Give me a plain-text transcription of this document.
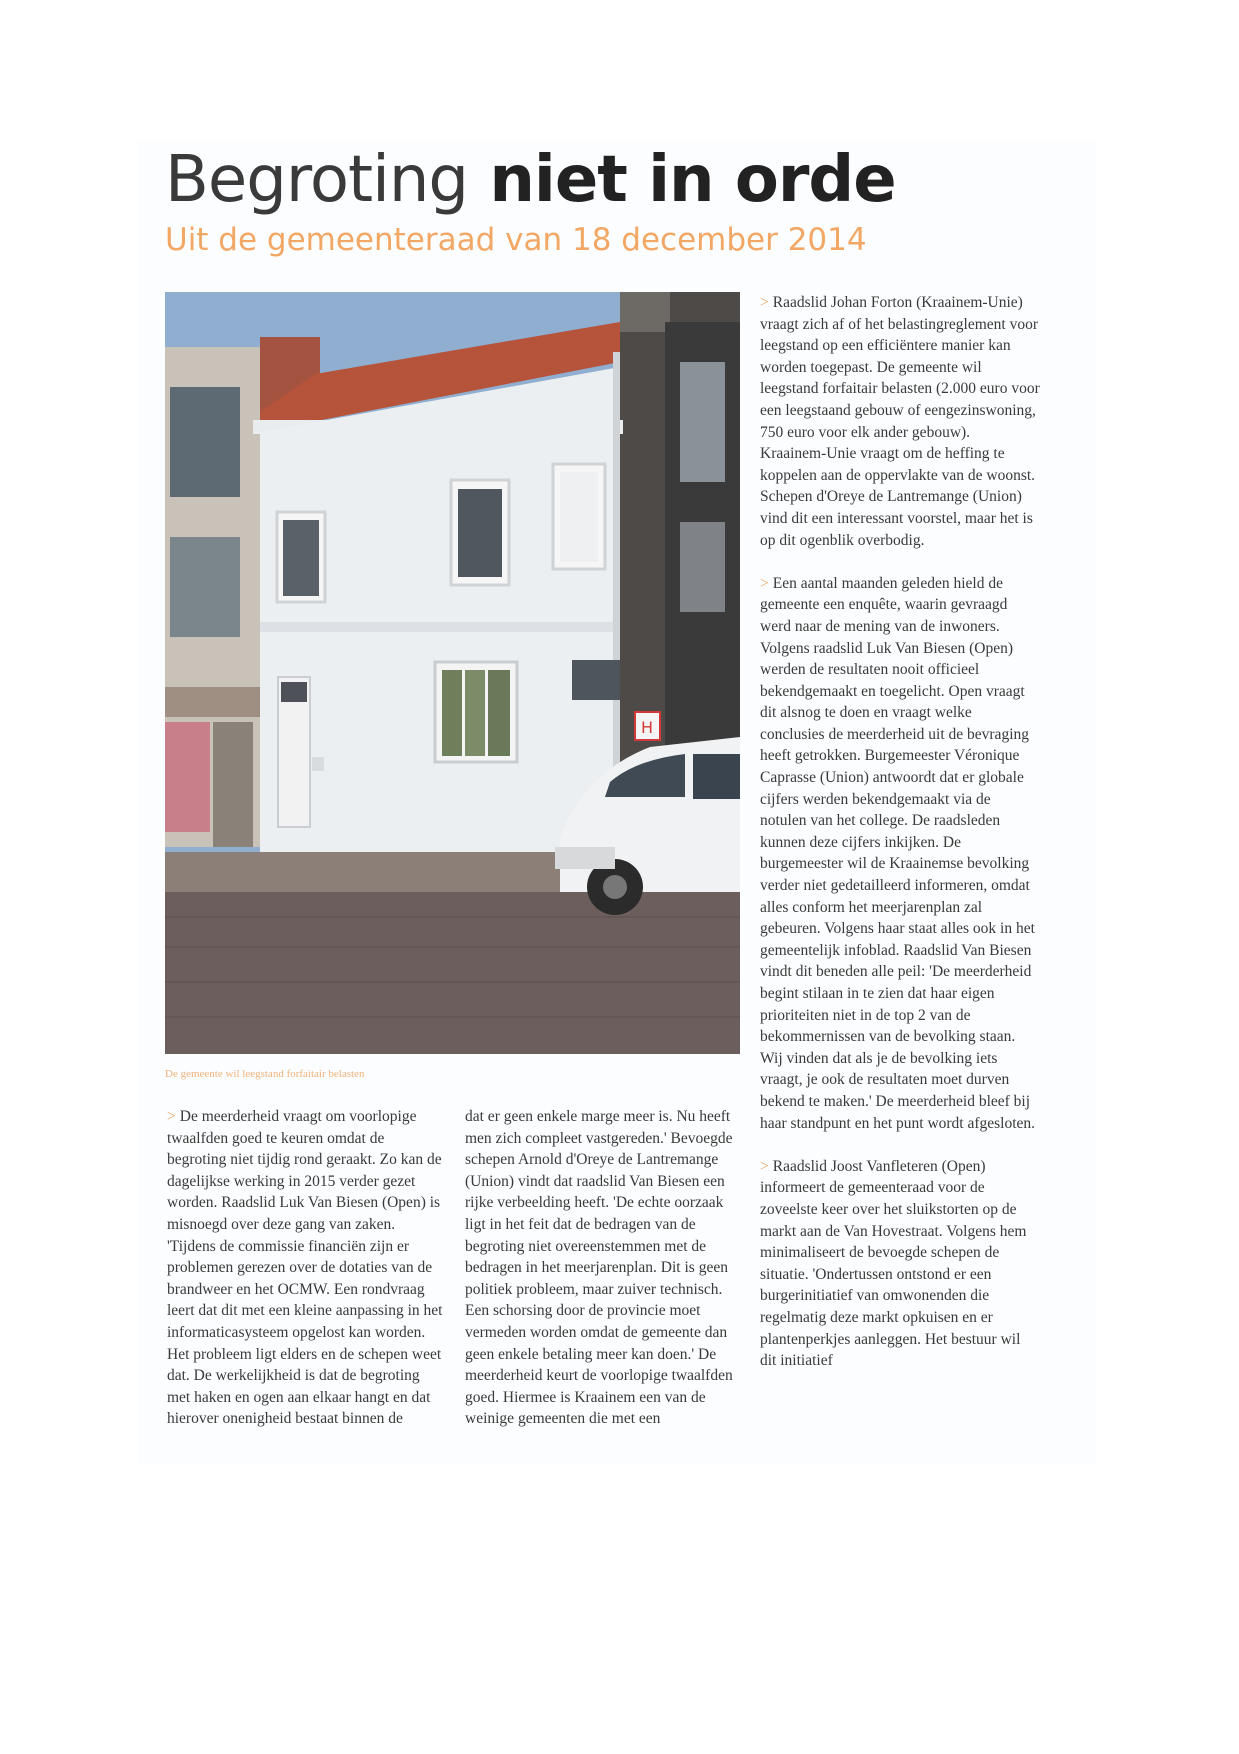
Begroting niet in orde
Uit de gemeenteraad van 18 december 2014
H
De gemeente wil leegstand forfaitair belasten

> De meerderheid vraagt om voorlopige twaalfden goed te keuren omdat de begroting niet tijdig rond geraakt. Zo kan de dagelijkse werking in 2015 verder gezet worden. Raadslid Luk Van Biesen (Open) is misnoegd over deze gang van zaken. 'Tijdens de commissie financiën zijn er problemen gerezen over de dotaties van de brandweer en het OCMW. Een rondvraag leert dat dit met een kleine aanpassing in het informaticasysteem opgelost kan worden. Het probleem ligt elders en de schepen weet dat. De werkelijkheid is dat de begroting met haken en ogen aan elkaar hangt en dat hierover onenigheid bestaat binnen de

dat er geen enkele marge meer is. Nu heeft men zich compleet vastgereden.' Bevoegde schepen Arnold d'Oreye de Lantremange (Union) vindt dat raadslid Van Biesen een rijke verbeelding heeft. 'De echte oorzaak ligt in het feit dat de bedragen van de begroting niet overeenstemmen met de bedragen in het meerjarenplan. Dit is geen politiek probleem, maar zuiver technisch. Een schorsing door de provincie moet vermeden worden omdat de gemeente dan geen enkele betaling meer kan doen.' De meerderheid keurt de voorlopige twaalfden goed. Hiermee is Kraainem een van de weinige gemeenten die met een

> Raadslid Johan Forton (Kraainem-Unie) vraagt zich af of het belastingreglement voor leegstand op een efficiëntere manier kan worden toegepast. De gemeente wil leegstand forfaitair belasten (2.000 euro voor een leegstaand gebouw of eengezinswoning, 750 euro voor elk ander gebouw). Kraainem-Unie vraagt om de heffing te koppelen aan de oppervlakte van de woonst. Schepen d'Oreye de Lantremange (Union) vind dit een interessant voorstel, maar het is op dit ogenblik overbodig.

> Een aantal maanden geleden hield de gemeente een enquête, waarin gevraagd werd naar de mening van de inwoners. Volgens raadslid Luk Van Biesen (Open) werden de resultaten nooit officieel bekendgemaakt en toegelicht. Open vraagt dit alsnog te doen en vraagt welke conclusies de meerderheid uit de bevraging heeft getrokken. Burgemeester Véronique Caprasse (Union) antwoordt dat er globale cijfers werden bekendgemaakt via de notulen van het college. De raadsleden kunnen deze cijfers inkijken. De burgemeester wil de Kraainemse bevolking verder niet gedetailleerd informeren, omdat alles conform het meerjarenplan zal gebeuren. Volgens haar staat alles ook in het gemeentelijk infoblad. Raadslid Van Biesen vindt dit beneden alle peil: 'De meerderheid begint stilaan in te zien dat haar eigen prioriteiten niet in de top 2 van de bekommernissen van de bevolking staan. Wij vinden dat als je de bevolking iets vraagt, je ook de resultaten moet durven bekend te maken.' De meerderheid bleef bij haar standpunt en het punt wordt afgesloten.

> Raadslid Joost Vanfleteren (Open) informeert de gemeenteraad voor de zoveelste keer over het sluikstorten op de markt aan de Van Hovestraat. Volgens hem minimaliseert de bevoegde schepen de situatie. 'Ondertussen ontstond er een burgerinitiatief van omwonenden die regelmatig deze markt opkuisen en er plantenperkjes aanleggen. Het bestuur wil dit initiatief
